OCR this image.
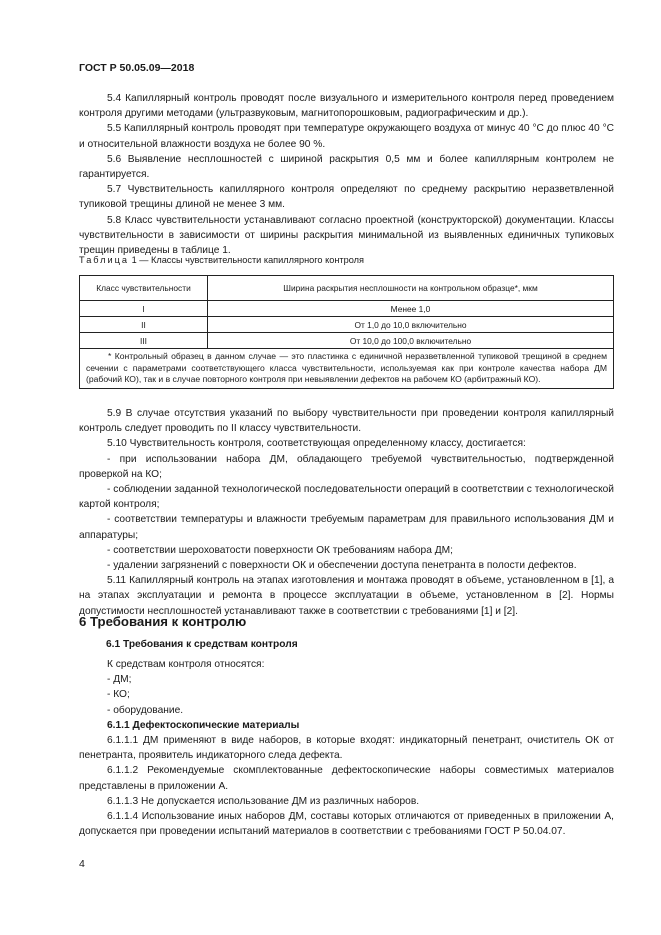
ГОСТ Р 50.05.09—2018

5.4 Капиллярный контроль проводят после визуального и измерительного контроля перед проведением контроля другими методами (ультразвуковым, магнитопорошковым, радиографическим и др.).

5.5 Капиллярный контроль проводят при температуре окружающего воздуха от минус 40 °С до плюс 40 °С и относительной влажности воздуха не более 90 %.

5.6 Выявление несплошностей с шириной раскрытия 0,5 мм и более капиллярным контролем не гарантируется.

5.7 Чувствительность капиллярного контроля определяют по среднему раскрытию неразветвленной тупиковой трещины длиной не менее 3 мм.

5.8 Класс чувствительности устанавливают согласно проектной (конструкторской) документации. Классы чувствительности в зависимости от ширины раскрытия минимальной из выявленных единичных тупиковых трещин приведены в таблице 1.

Таблица 1 — Классы чувствительности капиллярного контроля
Класс чувствительности	Ширина раскрытия несплошности на контрольном образце*, мкм
I	Менее 1,0
II	От 1,0 до 10,0 включительно
III	От 10,0 до 100,0 включительно
* Контрольный образец в данном случае — это пластинка с единичной неразветвленной тупиковой трещиной в среднем сечении с параметрами соответствующего класса чувствительности, используемая как при контроле качества набора ДМ (рабочий КО), так и в случае повторного контроля при невыявлении дефектов на рабочем КО (арбитражный КО).	

5.9 В случае отсутствия указаний по выбору чувствительности при проведении контроля капиллярный контроль следует проводить по II классу чувствительности.

5.10 Чувствительность контроля, соответствующая определенному классу, достигается:

- при использовании набора ДМ, обладающего требуемой чувствительностью, подтвержденной проверкой на КО;

- соблюдении заданной технологической последовательности операций в соответствии с технологической картой контроля;

- соответствии температуры и влажности требуемым параметрам для правильного использования ДМ и аппаратуры;

- соответствии шероховатости поверхности ОК требованиям набора ДМ;

- удалении загрязнений с поверхности ОК и обеспечении доступа пенетранта в полости дефектов.

5.11 Капиллярный контроль на этапах изготовления и монтажа проводят в объеме, установленном в [1], а на этапах эксплуатации и ремонта в процессе эксплуатации в объеме, установленном в [2]. Нормы допустимости несплошностей устанавливают также в соответствии с требованиями [1] и [2].

6 Требования к контролю
6.1 Требования к средствам контроля

К средствам контроля относятся:

- ДМ;

- КО;

- оборудование.

6.1.1 Дефектоскопические материалы

6.1.1.1 ДМ применяют в виде наборов, в которые входят: индикаторный пенетрант, очиститель ОК от пенетранта, проявитель индикаторного следа дефекта.

6.1.1.2 Рекомендуемые скомплектованные дефектоскопические наборы совместимых материалов представлены в приложении А.

6.1.1.3 Не допускается использование ДМ из различных наборов.

6.1.1.4 Использование иных наборов ДМ, составы которых отличаются от приведенных в приложении А, допускается при проведении испытаний материалов в соответствии с требованиями ГОСТ Р 50.04.07.

4
